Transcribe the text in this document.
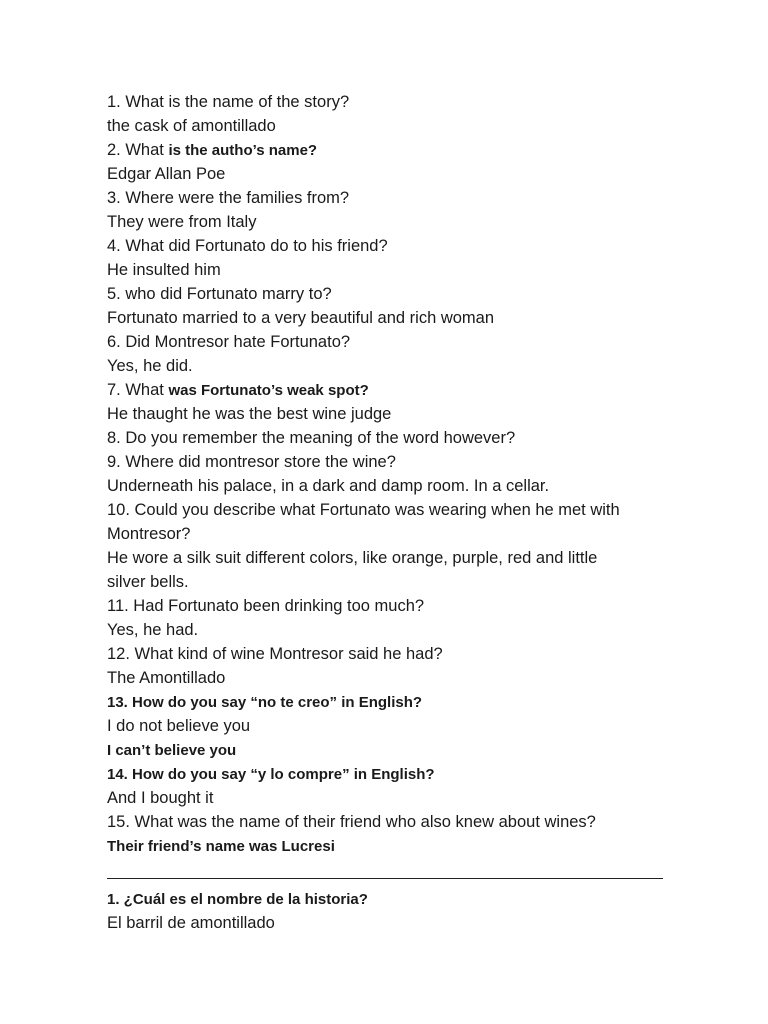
1. What is the name of the story?
the cask of amontillado
2. What is the autho’s name?
Edgar Allan Poe
3. Where were the families from?
They were from Italy
4. What did Fortunato do to his friend?
He insulted him
5. who did Fortunato marry to?
Fortunato married to a very beautiful and rich woman
6. Did Montresor hate Fortunato?
Yes, he did.
7. What was Fortunato’s weak spot?
He thaught he was the best wine judge
8. Do you remember the meaning of the word however?
9. Where did montresor store the wine?
Underneath his palace, in a dark and damp room. In a cellar.
10. Could you describe what Fortunato was wearing when he met with
Montresor?
He wore a silk suit different colors, like orange, purple, red and little
silver bells.
11. Had Fortunato been drinking too much?
Yes, he had.
12. What kind of wine Montresor said he had?
The Amontillado
13. How do you say “no te creo” in English?
I do not believe you
I can’t believe you
14. How do you say “y lo compre” in English?
And I bought it
15. What was the name of their friend who also knew about wines?
Their friend’s name was Lucresi
1. ¿Cuál es el nombre de la historia?
El barril de amontillado
